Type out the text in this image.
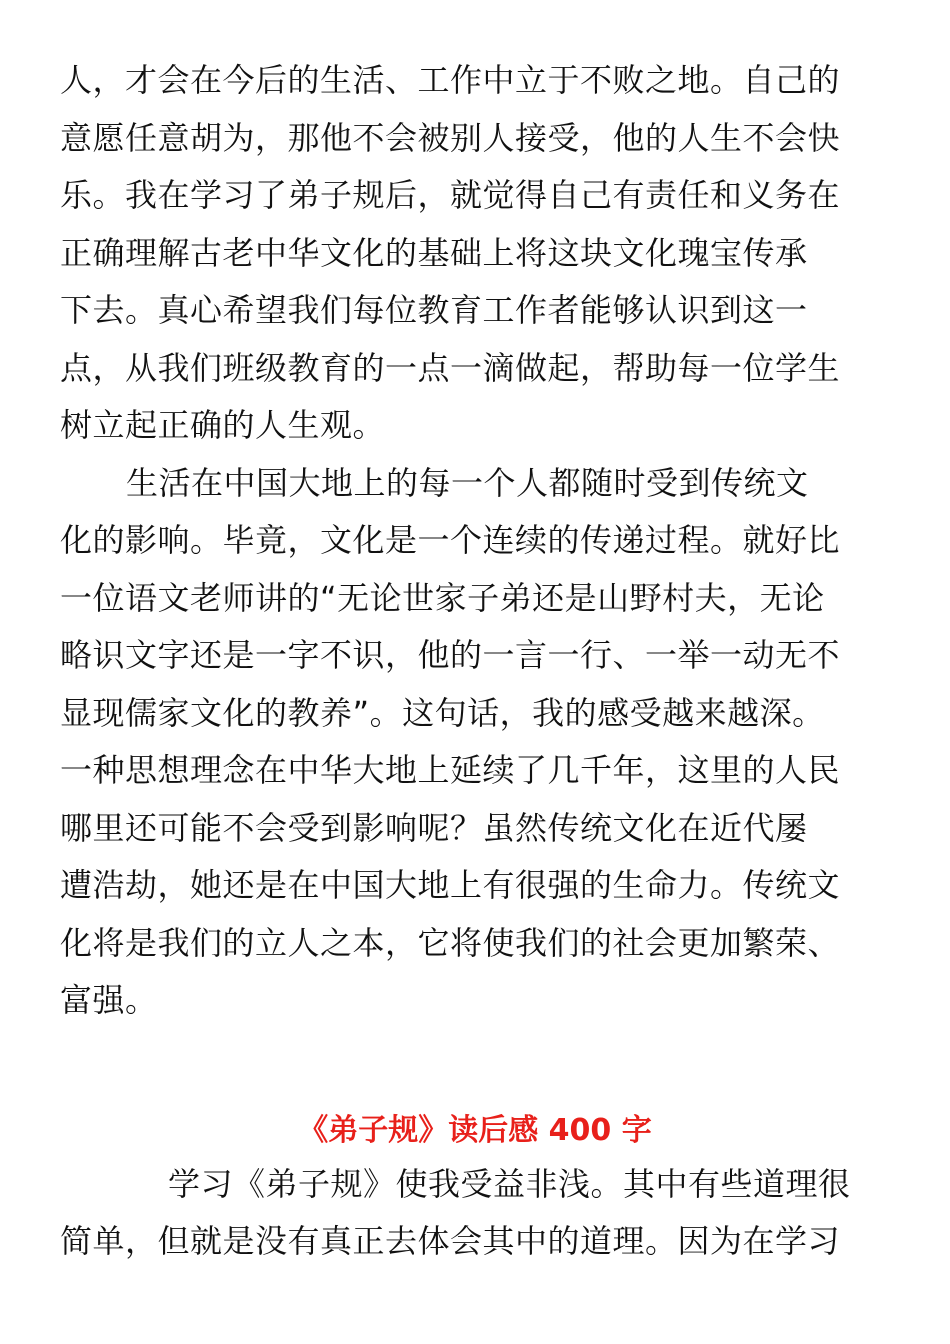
人，才会在今后的生活、工作中立于不败之地。自己的
意愿任意胡为，那他不会被别人接受，他的人生不会快
乐。我在学习了弟子规后，就觉得自己有责任和义务在
正确理解古老中华文化的基础上将这块文化瑰宝传承
下去。真心希望我们每位教育工作者能够认识到这一
点，从我们班级教育的一点一滴做起，帮助每一位学生
树立起正确的人生观。

生活在中国大地上的每一个人都随时受到传统文
化的影响。毕竟，文化是一个连续的传递过程。就好比
一位语文老师讲的“无论世家子弟还是山野村夫，无论
略识文字还是一字不识，他的一言一行、一举一动无不
显现儒家文化的教养”。这句话，我的感受越来越深。
一种思想理念在中华大地上延续了几千年，这里的人民
哪里还可能不会受到影响呢？虽然传统文化在近代屡
遭浩劫，她还是在中国大地上有很强的生命力。传统文
化将是我们的立人之本，它将使我们的社会更加繁荣、
富强。

《弟子规》读后感 400 字

学习《弟子规》使我受益非浅。其中有些道理很
简单，但就是没有真正去体会其中的道理。因为在学习
